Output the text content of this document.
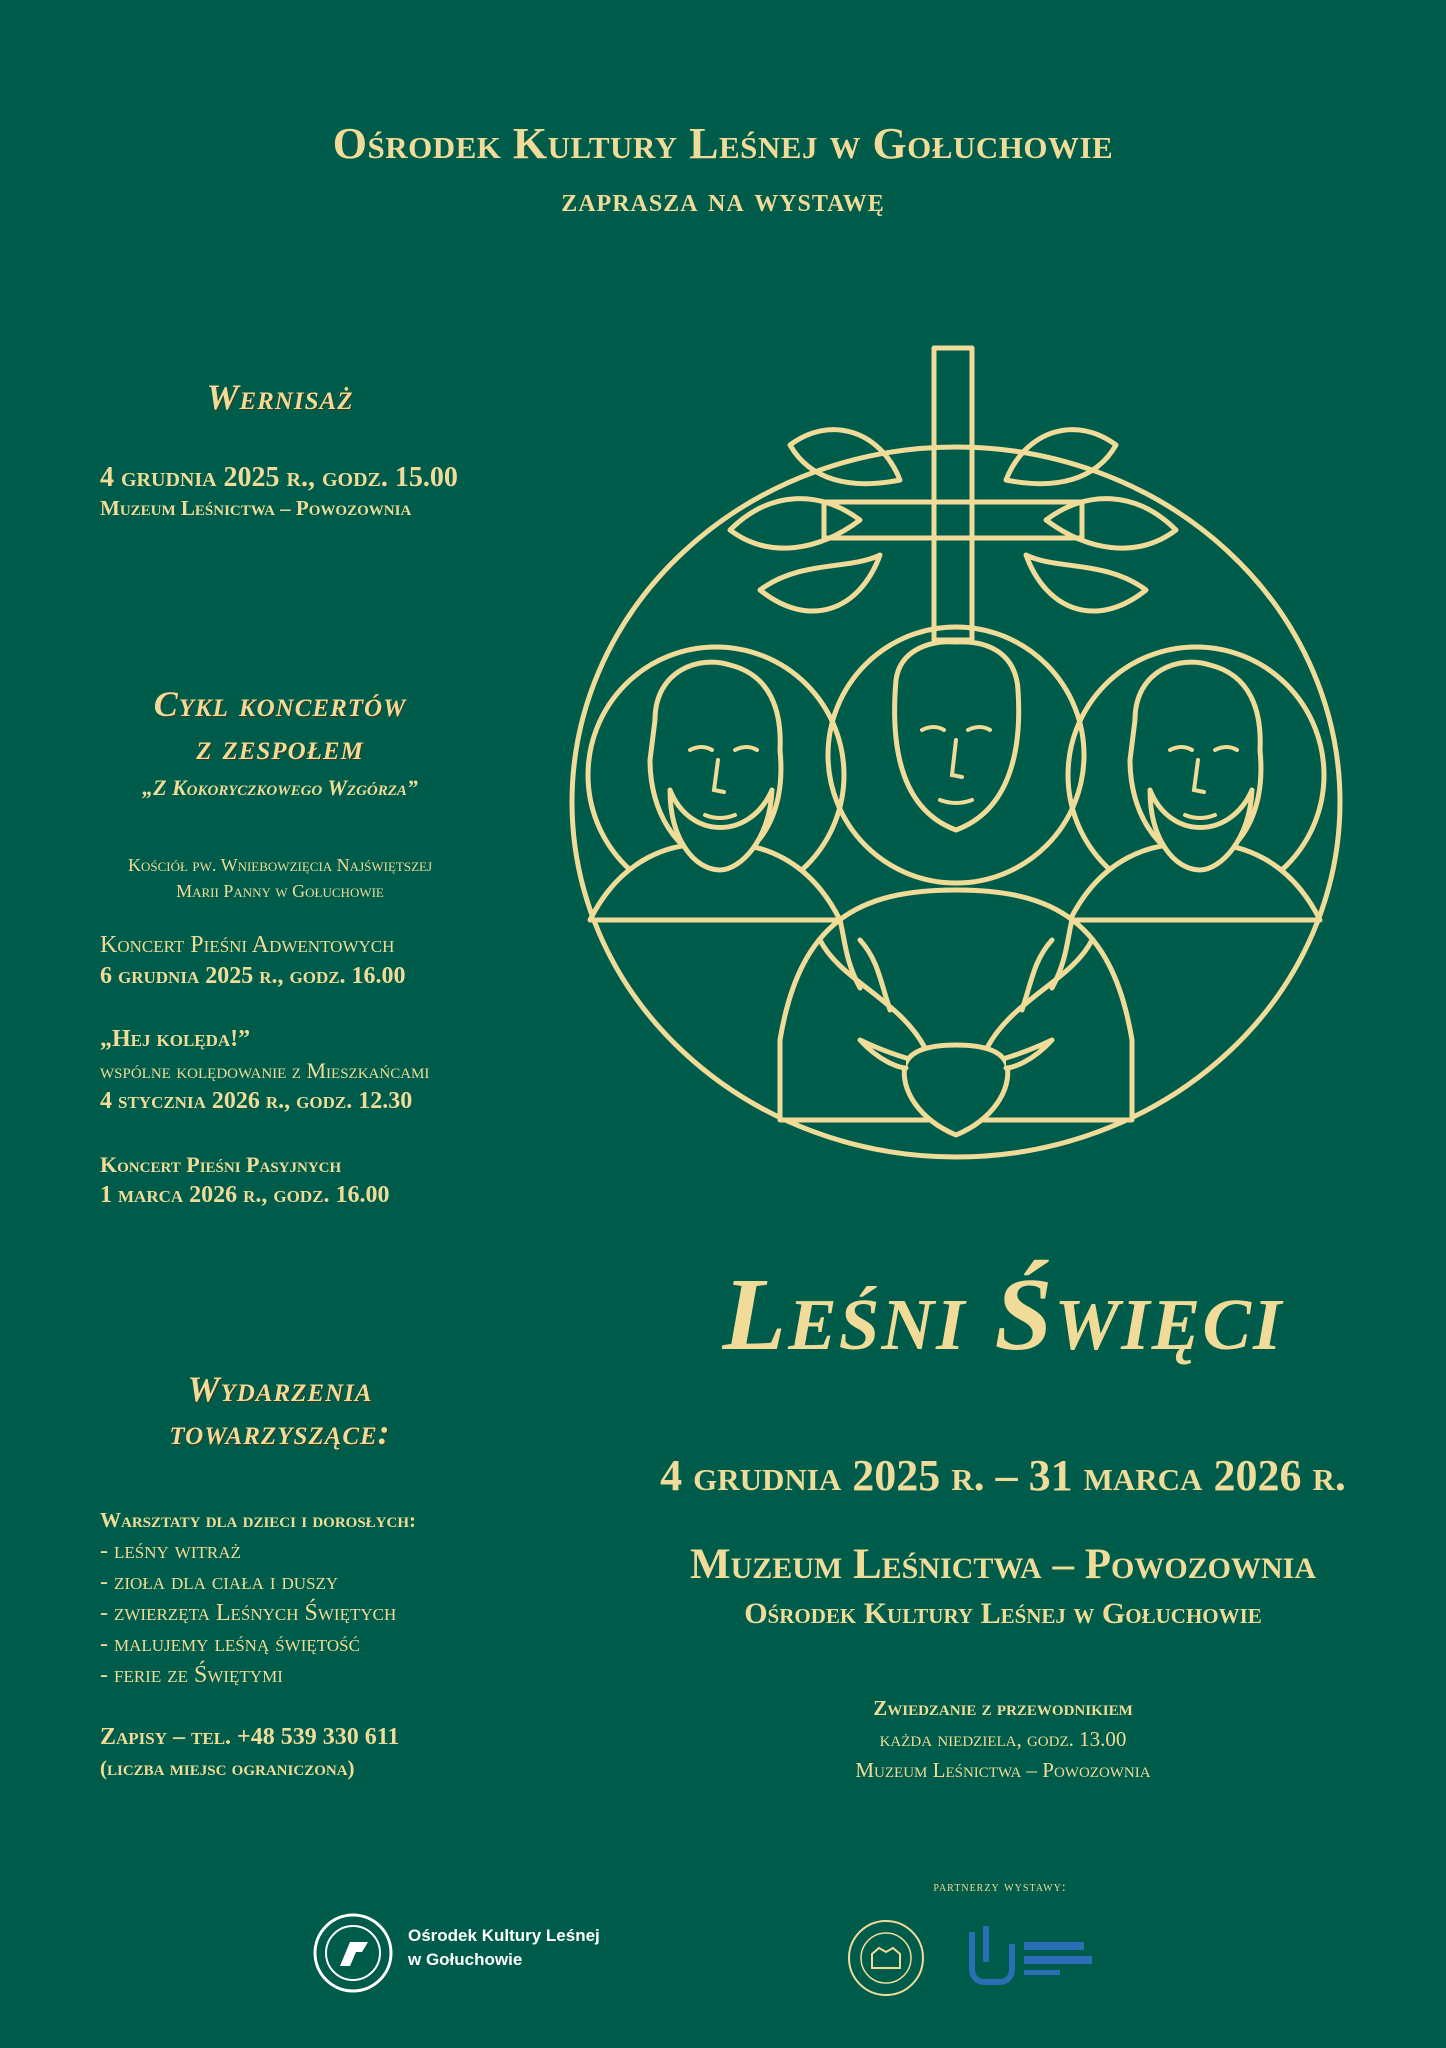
Ośrodek Kultury Leśnej w Gołuchowie
zaprasza na wystawę
Wernisaż
4 grudnia 2025 r., godz. 15.00
Muzeum Leśnictwa – Powozownia
Cykl koncertów
z zespołem
„Z Kokoryczkowego Wzgórza”
Kościół pw. Wniebowzięcia Najświętszej
Marii Panny w Gołuchowie
Koncert Pieśni Adwentowych
6 grudnia 2025 r., godz. 16.00
„Hej kolęda!”
wspólne kolędowanie z Mieszkańcami
4 stycznia 2026 r., godz. 12.30
Koncert Pieśni Pasyjnych
1 marca 2026 r., godz. 16.00
Wydarzenia
towarzyszące:
Warsztaty dla dzieci i dorosłych:
- leśny witraż
- zioła dla ciała i duszy
- zwierzęta Leśnych Świętych
- malujemy leśną świętość
- ferie ze Świętymi
Zapisy – tel. +48 539 330 611
(liczba miejsc ograniczona)
Leśni Święci
4 grudnia 2025 r. – 31 marca 2026 r.
Muzeum Leśnictwa – Powozownia
Ośrodek Kultury Leśnej w Gołuchowie
Zwiedzanie z przewodnikiem
każda niedziela, godz. 13.00
Muzeum Leśnictwa – Powozownia
Ośrodek Kultury Leśnej
w Gołuchowie
partnerzy wystawy:
